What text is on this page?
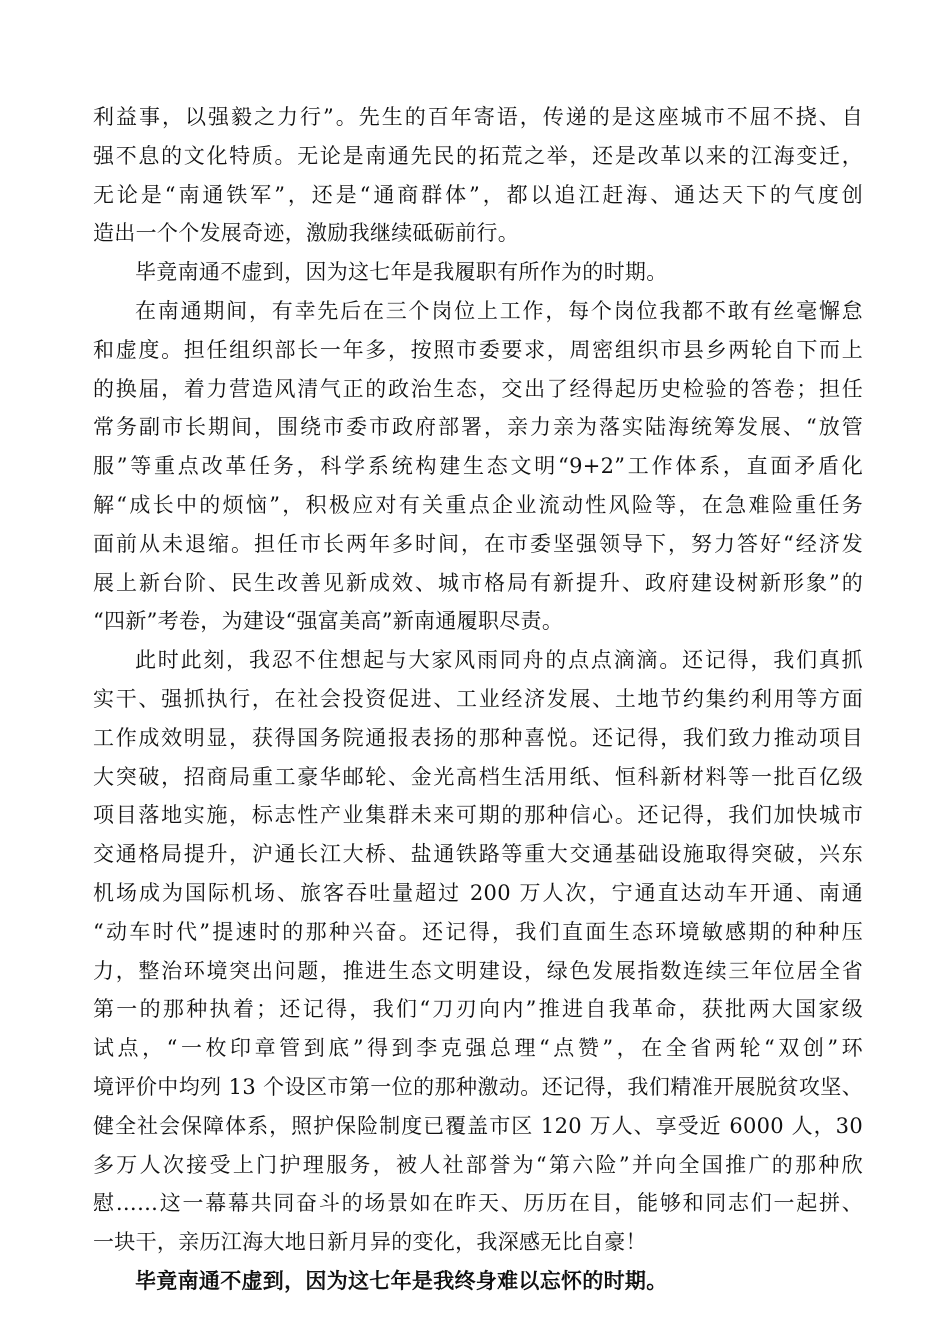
利益事，以强毅之力行”。先生的百年寄语，传递的是这座城市不屈不挠、自
强不息的文化特质。无论是南通先民的拓荒之举，还是改革以来的江海变迁，
无论是“南通铁军”，还是“通商群体”，都以追江赶海、通达天下的气度创
造出一个个发展奇迹，激励我继续砥砺前行。
毕竟南通不虚到，因为这七年是我履职有所作为的时期。
在南通期间，有幸先后在三个岗位上工作，每个岗位我都不敢有丝毫懈怠
和虚度。担任组织部长一年多，按照市委要求，周密组织市县乡两轮自下而上
的换届，着力营造风清气正的政治生态，交出了经得起历史检验的答卷；担任
常务副市长期间，围绕市委市政府部署，亲力亲为落实陆海统筹发展、“放管
服”等重点改革任务，科学系统构建生态文明“9+2”工作体系，直面矛盾化
解“成长中的烦恼”，积极应对有关重点企业流动性风险等，在急难险重任务
面前从未退缩。担任市长两年多时间，在市委坚强领导下，努力答好“经济发
展上新台阶、民生改善见新成效、城市格局有新提升、政府建设树新形象”的
“四新”考卷，为建设“强富美高”新南通履职尽责。
此时此刻，我忍不住想起与大家风雨同舟的点点滴滴。还记得，我们真抓
实干、强抓执行，在社会投资促进、工业经济发展、土地节约集约利用等方面
工作成效明显，获得国务院通报表扬的那种喜悦。还记得，我们致力推动项目
大突破，招商局重工豪华邮轮、金光高档生活用纸、恒科新材料等一批百亿级
项目落地实施，标志性产业集群未来可期的那种信心。还记得，我们加快城市
交通格局提升，沪通长江大桥、盐通铁路等重大交通基础设施取得突破，兴东
机场成为国际机场、旅客吞吐量超过 200 万人次，宁通直达动车开通、南通
“动车时代”提速时的那种兴奋。还记得，我们直面生态环境敏感期的种种压
力，整治环境突出问题，推进生态文明建设，绿色发展指数连续三年位居全省
第一的那种执着；还记得，我们“刀刃向内”推进自我革命，获批两大国家级
试点，“一枚印章管到底”得到李克强总理“点赞”，在全省两轮“双创”环
境评价中均列 13 个设区市第一位的那种激动。还记得，我们精准开展脱贫攻坚、
健全社会保障体系，照护保险制度已覆盖市区 120 万人、享受近 6000 人，30
多万人次接受上门护理服务，被人社部誉为“第六险”并向全国推广的那种欣
慰……这一幕幕共同奋斗的场景如在昨天、历历在目，能够和同志们一起拼、
一块干，亲历江海大地日新月异的变化，我深感无比自豪！
毕竟南通不虚到，因为这七年是我终身难以忘怀的时期。
